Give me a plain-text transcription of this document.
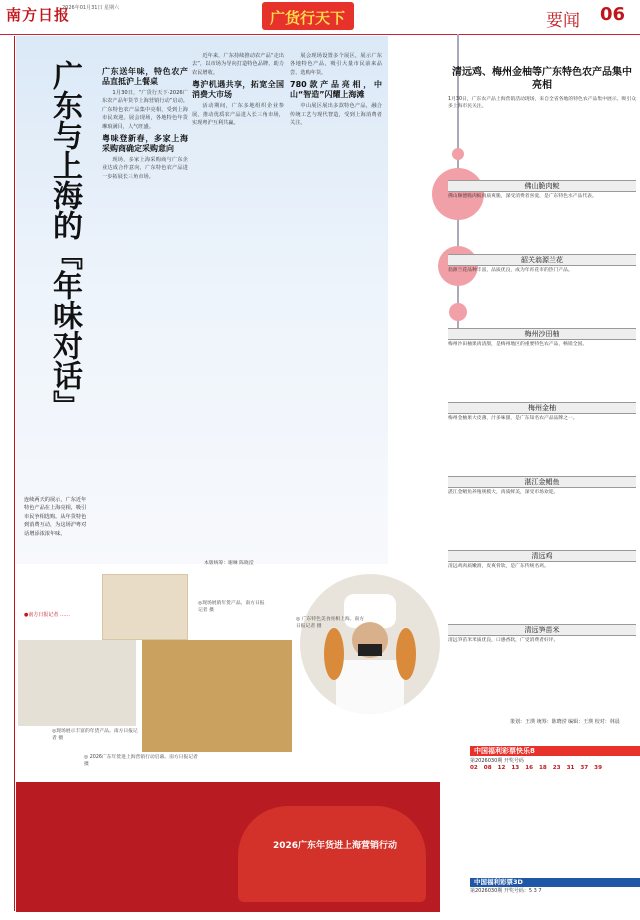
南方日报
2026年01月31日 星期六
广货行天下	要闻 06
广东与上海的『年味对话』
连续两天的展示，广东近年特色产品在上海亮相，吸引市民争相选购。从年货特色到消费互动，为这场沪粤对话增添浓浓年味。
●南方日报记者 ……
广东送年味，特色农产品直抵沪上餐桌

1月30日，“广货行天下·2026广东农产品年货节上海营销行动”启动。广东特色农产品集中亮相，受到上海市民欢迎。展会现场，各地特色年货琳琅满目，人气旺盛。

粤味登新春，多家上海采购商确定采购意向

现场，多家上海采购商与广东企业达成合作意向，广东特色农产品进一步拓展长三角市场。

近年来，广东持续推动农产品“走出去”，以市场为导向打造特色品牌，助力农民增收。

粤沪机遇共享，拓宽全国消费大市场

活动期间，广东多地组织企业参展，推动优质农产品进入长三角市场，实现粤沪互利共赢。

展会现场设置多个展区，展示广东各地特色产品，吸引大量市民前来品尝、选购年货。

780款产品亮相，中山“智造”闪耀上海滩

中山展区展出多款特色产品，融合传统工艺与现代智造，受到上海消费者关注。

本版统筹：谢琳 陈晓滢
◎现场展销年货产品。南方日报记者 摄
◎现场展示丰富的年货产品。南方日报记者 摄
◎ 广东特色美食亮相上海。南方日报记者 摄
2026广东年货进上海营销行动
◎ 2026广东年货进上海营销行动启幕。南方日报记者 摄
清远鸡、梅州金柚等广东特色农产品集中亮相
1月30日，广东农产品上海营销活动现场，来自全省各地的特色农产品集中展示，吸引众多上海市民关注。
佛山脆肉鲩
佛山顺德脆肉鲩肉质爽脆，深受消费者喜爱，是广东特色水产品代表。
韶关翁源兰花
翁源兰花品种丰富，品质优良，成为年宵花市的热门产品。
梅州沙田柚
梅州沙田柚果肉清甜，是梅州地区的重要特色农产品，畅销全国。
梅州金柚
梅州金柚果大皮薄，汁多味甜，是广东知名农产品品牌之一。
湛江金鲳鱼
湛江金鲳鱼养殖规模大，肉质鲜美，深受市场欢迎。
清远鸡
清远鸡肉质嫩滑，皮爽骨软，是广东传统名鸡。
清远笋苗米
清远笋苗米米质优良，口感香软，广受消费者好评。
策划：王瑛 统筹：陈晓滢 编辑：王瑛 校对：林晨
中国福利彩票快乐8
第2026030期 开奖号码
02 08 12 13 16 18 23 31 37 39
中国福利彩票3D
第2026030期 开奖号码：5 3 7
